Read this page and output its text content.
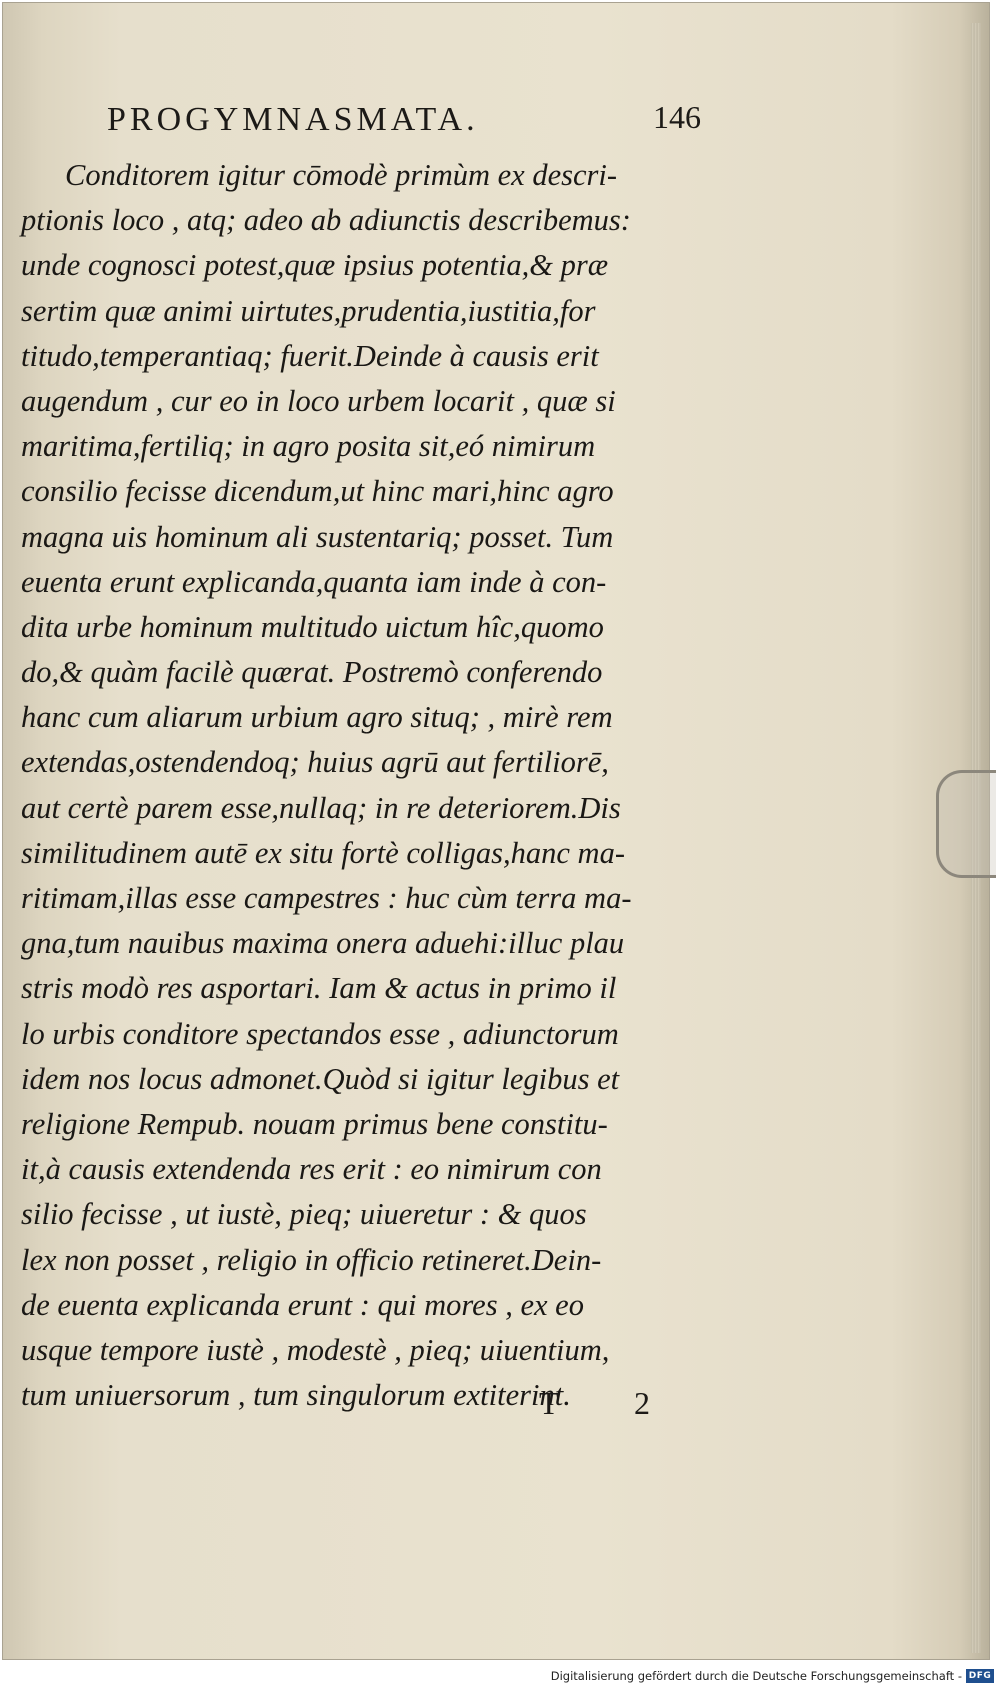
PROGYMNASMATA.	146
Conditorem igitur cōmodè primùm ex descri-
ptionis loco , atq; adeo ab adiunctis describemus:
unde cognosci potest,quæ ipsius potentia,& præ
sertim quæ animi uirtutes,prudentia,iustitia,for
titudo,temperantiaq; fuerit.Deinde à causis erit
augendum , cur eo in loco urbem locarit , quæ si
maritima,fertiliq; in agro posita sit,eó nimirum
consilio fecisse dicendum,ut hinc mari,hinc agro
magna uis hominum ali sustentariq; posset. Tum
euenta erunt explicanda,quanta iam inde à con-
dita urbe hominum multitudo uictum hîc,quomo
do,& quàm facilè quærat. Postremò conferendo
hanc cum aliarum urbium agro situq; , mirè rem
extendas,ostendendoq; huius agrū aut fertiliorē,
aut certè parem esse,nullaq; in re deteriorem.Dis
similitudinem autē ex situ fortè colligas,hanc ma-
ritimam,illas esse campestres : huc cùm terra ma-
gna,tum nauibus maxima onera aduehi:illuc plau
stris modò res asportari. Iam & actus in primo il
lo urbis conditore spectandos esse , adiunctorum
idem nos locus admonet.Quòd si igitur legibus et
religione Rempub. nouam primus bene constitu-
it,à causis extendenda res erit : eo nimirum con
silio fecisse , ut iustè, pieq; uiueretur : & quos
lex non posset , religio in officio retineret.Dein-
de euenta explicanda erunt : qui mores , ex eo
usque tempore iustè , modestè , pieq; uiuentium,
tum uniuersorum , tum singulorum extiterint.
T 2
Digitalisierung gefördert durch die Deutsche Forschungsgemeinschaft - DFG
